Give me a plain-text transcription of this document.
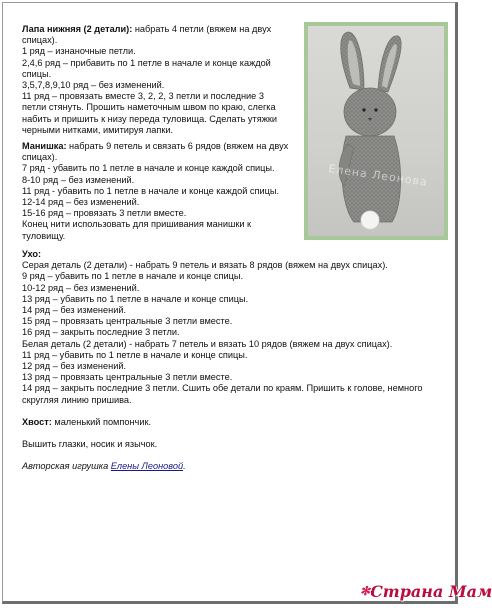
Лапа нижняя (2 детали): набрать 4 петли (вяжем на двух

спицах).

1 ряд – изнаночные петли.

2,4,6 ряд – прибавить по 1 петле в начале и конце каждой

спицы.

3,5,7,8,9,10 ряд – без изменений.

11 ряд – провязать вместе 3, 2, 2, 3 петли и последние 3

петли стянуть. Прошить наметочным швом по краю, слегка

набить и пришить к низу переда туловища. Сделать утяжки

черными нитками, имитируя лапки.

Манишка: набрать 9 петель и связать 6 рядов (вяжем на двух

спицах).

7 ряд - убавить по 1 петле в начале и конце каждой спицы.

8-10 ряд – без изменений.

11 ряд - убавить по 1 петле в начале и конце каждой спицы.

12-14 ряд – без изменений.

15-16 ряд – провязать 3 петли вместе.

Конец нити использовать для пришивания манишки к

туловищу.

Ухо:

Серая деталь (2 детали) - набрать 9 петель и вязать 8 рядов (вяжем на двух спицах).

9 ряд – убавить по 1 петле в начале и конце спицы.

10-12 ряд – без изменений.

13 ряд – убавить по 1 петле в начале и конце спицы.

14 ряд – без изменений.

15 ряд – провязать центральные 3 петли вместе.

16 ряд – закрыть последние 3 петли.

Белая деталь (2 детали) - набрать 7 петель и вязать 10 рядов (вяжем на двух спицах).

11 ряд – убавить по 1 петле в начале и конце спицы.

12 ряд – без изменений.

13 ряд – провязать центральные 3 петли вместе.

14 ряд – закрыть последние 3 петли. Сшить обе детали по краям. Пришить к голове, немного

скругляя линию пришива.

Хвост: маленький помпончик.

Вышить глазки, носик и язычок.

Авторская игрушка Елены Леоновой.

Елена Леонова
✻Страна Мам
